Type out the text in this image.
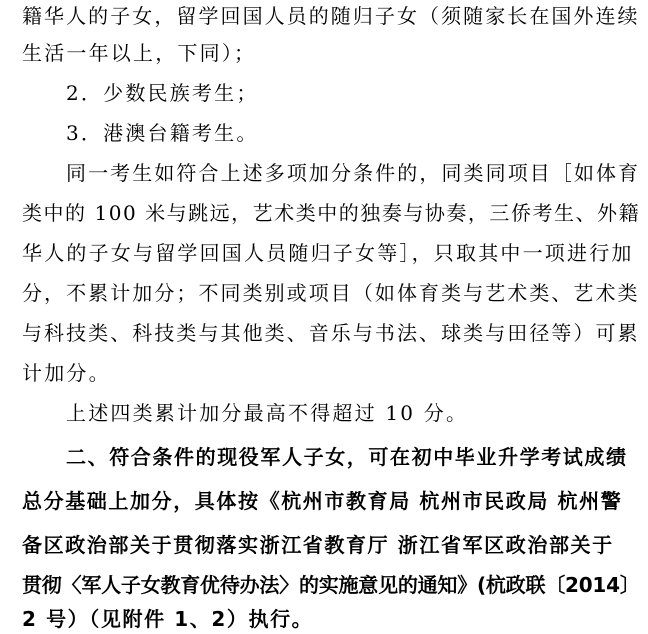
籍华人的子女，留学回国人员的随归子女（须随家长在国外连续
生活一年以上，下同）；
2．少数民族考生；
3．港澳台籍考生。
同一考生如符合上述多项加分条件的，同类同项目［如体育
类中的 100 米与跳远，艺术类中的独奏与协奏，三侨考生、外籍
华人的子女与留学回国人员随归子女等］，只取其中一项进行加
分，不累计加分；不同类别或项目（如体育类与艺术类、艺术类
与科技类、科技类与其他类、音乐与书法、球类与田径等）可累
计加分。
上述四类累计加分最高不得超过 10 分。
二、符合条件的现役军人子女，可在初中毕业升学考试成绩
总分基础上加分，具体按《杭州市教育局 杭州市民政局 杭州警
备区政治部关于贯彻落实浙江省教育厅 浙江省军区政治部关于
贯彻〈军人子女教育优待办法〉的实施意见的通知》(杭政联〔2014〕
2 号）（见附件 1、2）执行。
